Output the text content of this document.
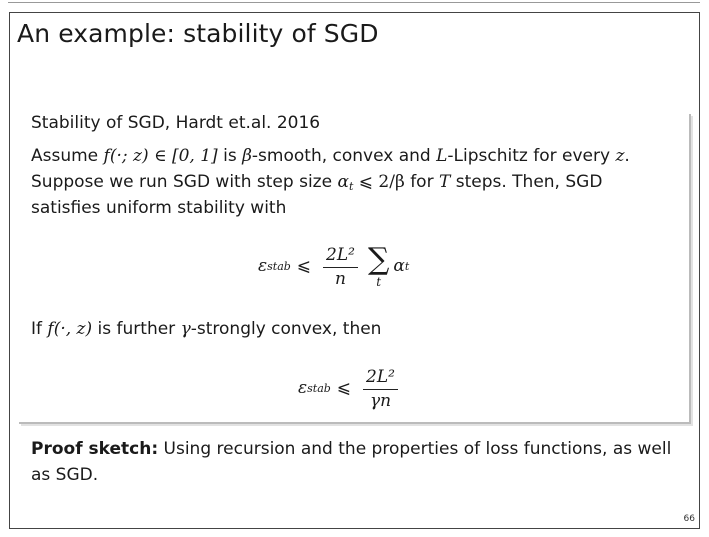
An example: stability of SGD
Stability of SGD, Hardt et.al. 2016
Assume f(·; z) ∈ [0, 1] is β-smooth, convex and L-Lipschitz for every z.
Suppose we run SGD with step size $\alpha_t$ ⩽ 2/β for T steps. Then, SGD
satisfies uniform stability with
ε stab ⩽ $\frac{\text{2L²}}{n}$ ∑
t
α t
If f(·, z) is further γ-strongly convex, then
ε stab ⩽ $\frac{\text{2L²}}{\gamma n}$
Proof sketch: Using recursion and the properties of loss functions, as well as SGD.
66
